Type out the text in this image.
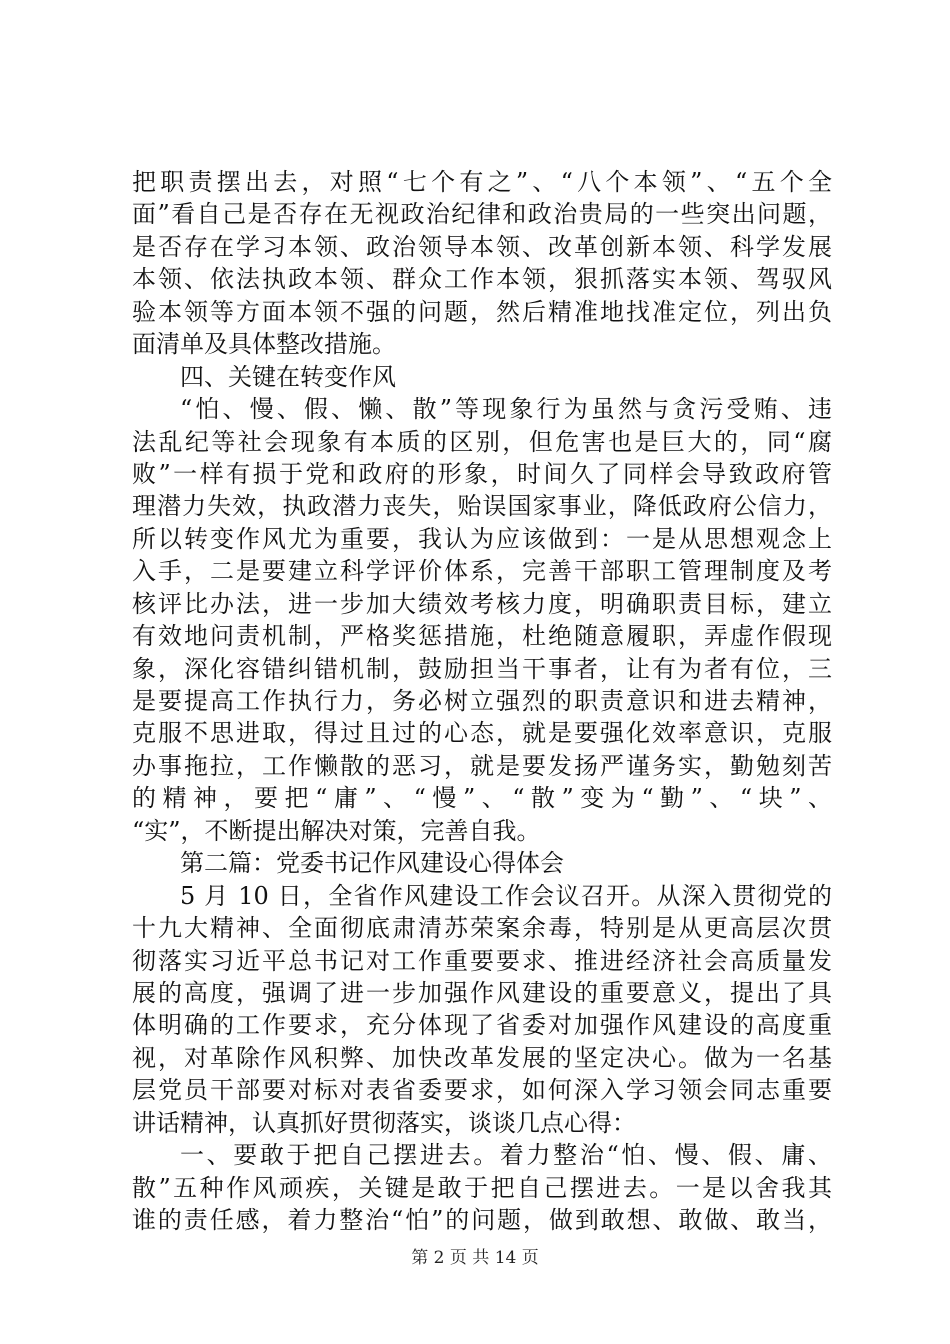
把职责摆出去，对照“七个有之”、“八个本领”、“五个全
面”看自己是否存在无视政治纪律和政治贵局的一些突出问题，
是否存在学习本领、政治领导本领、改革创新本领、科学发展
本领、依法执政本领、群众工作本领，狠抓落实本领、驾驭风
验本领等方面本领不强的问题，然后精准地找准定位，列出负
面清单及具体整改措施。
四、关键在转变作风
“怕、慢、假、懒、散”等现象行为虽然与贪污受贿、违
法乱纪等社会现象有本质的区别，但危害也是巨大的，同“腐
败”一样有损于党和政府的形象，时间久了同样会导致政府管
理潜力失效，执政潜力丧失，贻误国家事业，降低政府公信力，
所以转变作风尤为重要，我认为应该做到：一是从思想观念上
入手，二是要建立科学评价体系，完善干部职工管理制度及考
核评比办法，进一步加大绩效考核力度，明确职责目标，建立
有效地问责机制，严格奖惩措施，杜绝随意履职，弄虚作假现
象，深化容错纠错机制，鼓励担当干事者，让有为者有位，三
是要提高工作执行力，务必树立强烈的职责意识和进去精神，
克服不思进取，得过且过的心态，就是要强化效率意识，克服
办事拖拉，工作懒散的恶习，就是要发扬严谨务实，勤勉刻苦
的精神，要把“庸”、“慢”、“散”变为“勤”、“块”、
“实”，不断提出解决对策，完善自我。
第二篇：党委书记作风建设心得体会
5 月 10 日，全省作风建设工作会议召开。从深入贯彻党的
十九大精神、全面彻底肃清苏荣案余毒，特别是从更高层次贯
彻落实习近平总书记对工作重要要求、推进经济社会高质量发
展的高度，强调了进一步加强作风建设的重要意义，提出了具
体明确的工作要求，充分体现了省委对加强作风建设的高度重
视，对革除作风积弊、加快改革发展的坚定决心。做为一名基
层党员干部要对标对表省委要求，如何深入学习领会同志重要
讲话精神，认真抓好贯彻落实，谈谈几点心得：
一、要敢于把自己摆进去。着力整治“怕、慢、假、庸、
散”五种作风顽疾，关键是敢于把自己摆进去。一是以舍我其
谁的责任感，着力整治“怕”的问题，做到敢想、敢做、敢当，
第 2 页 共 14 页
